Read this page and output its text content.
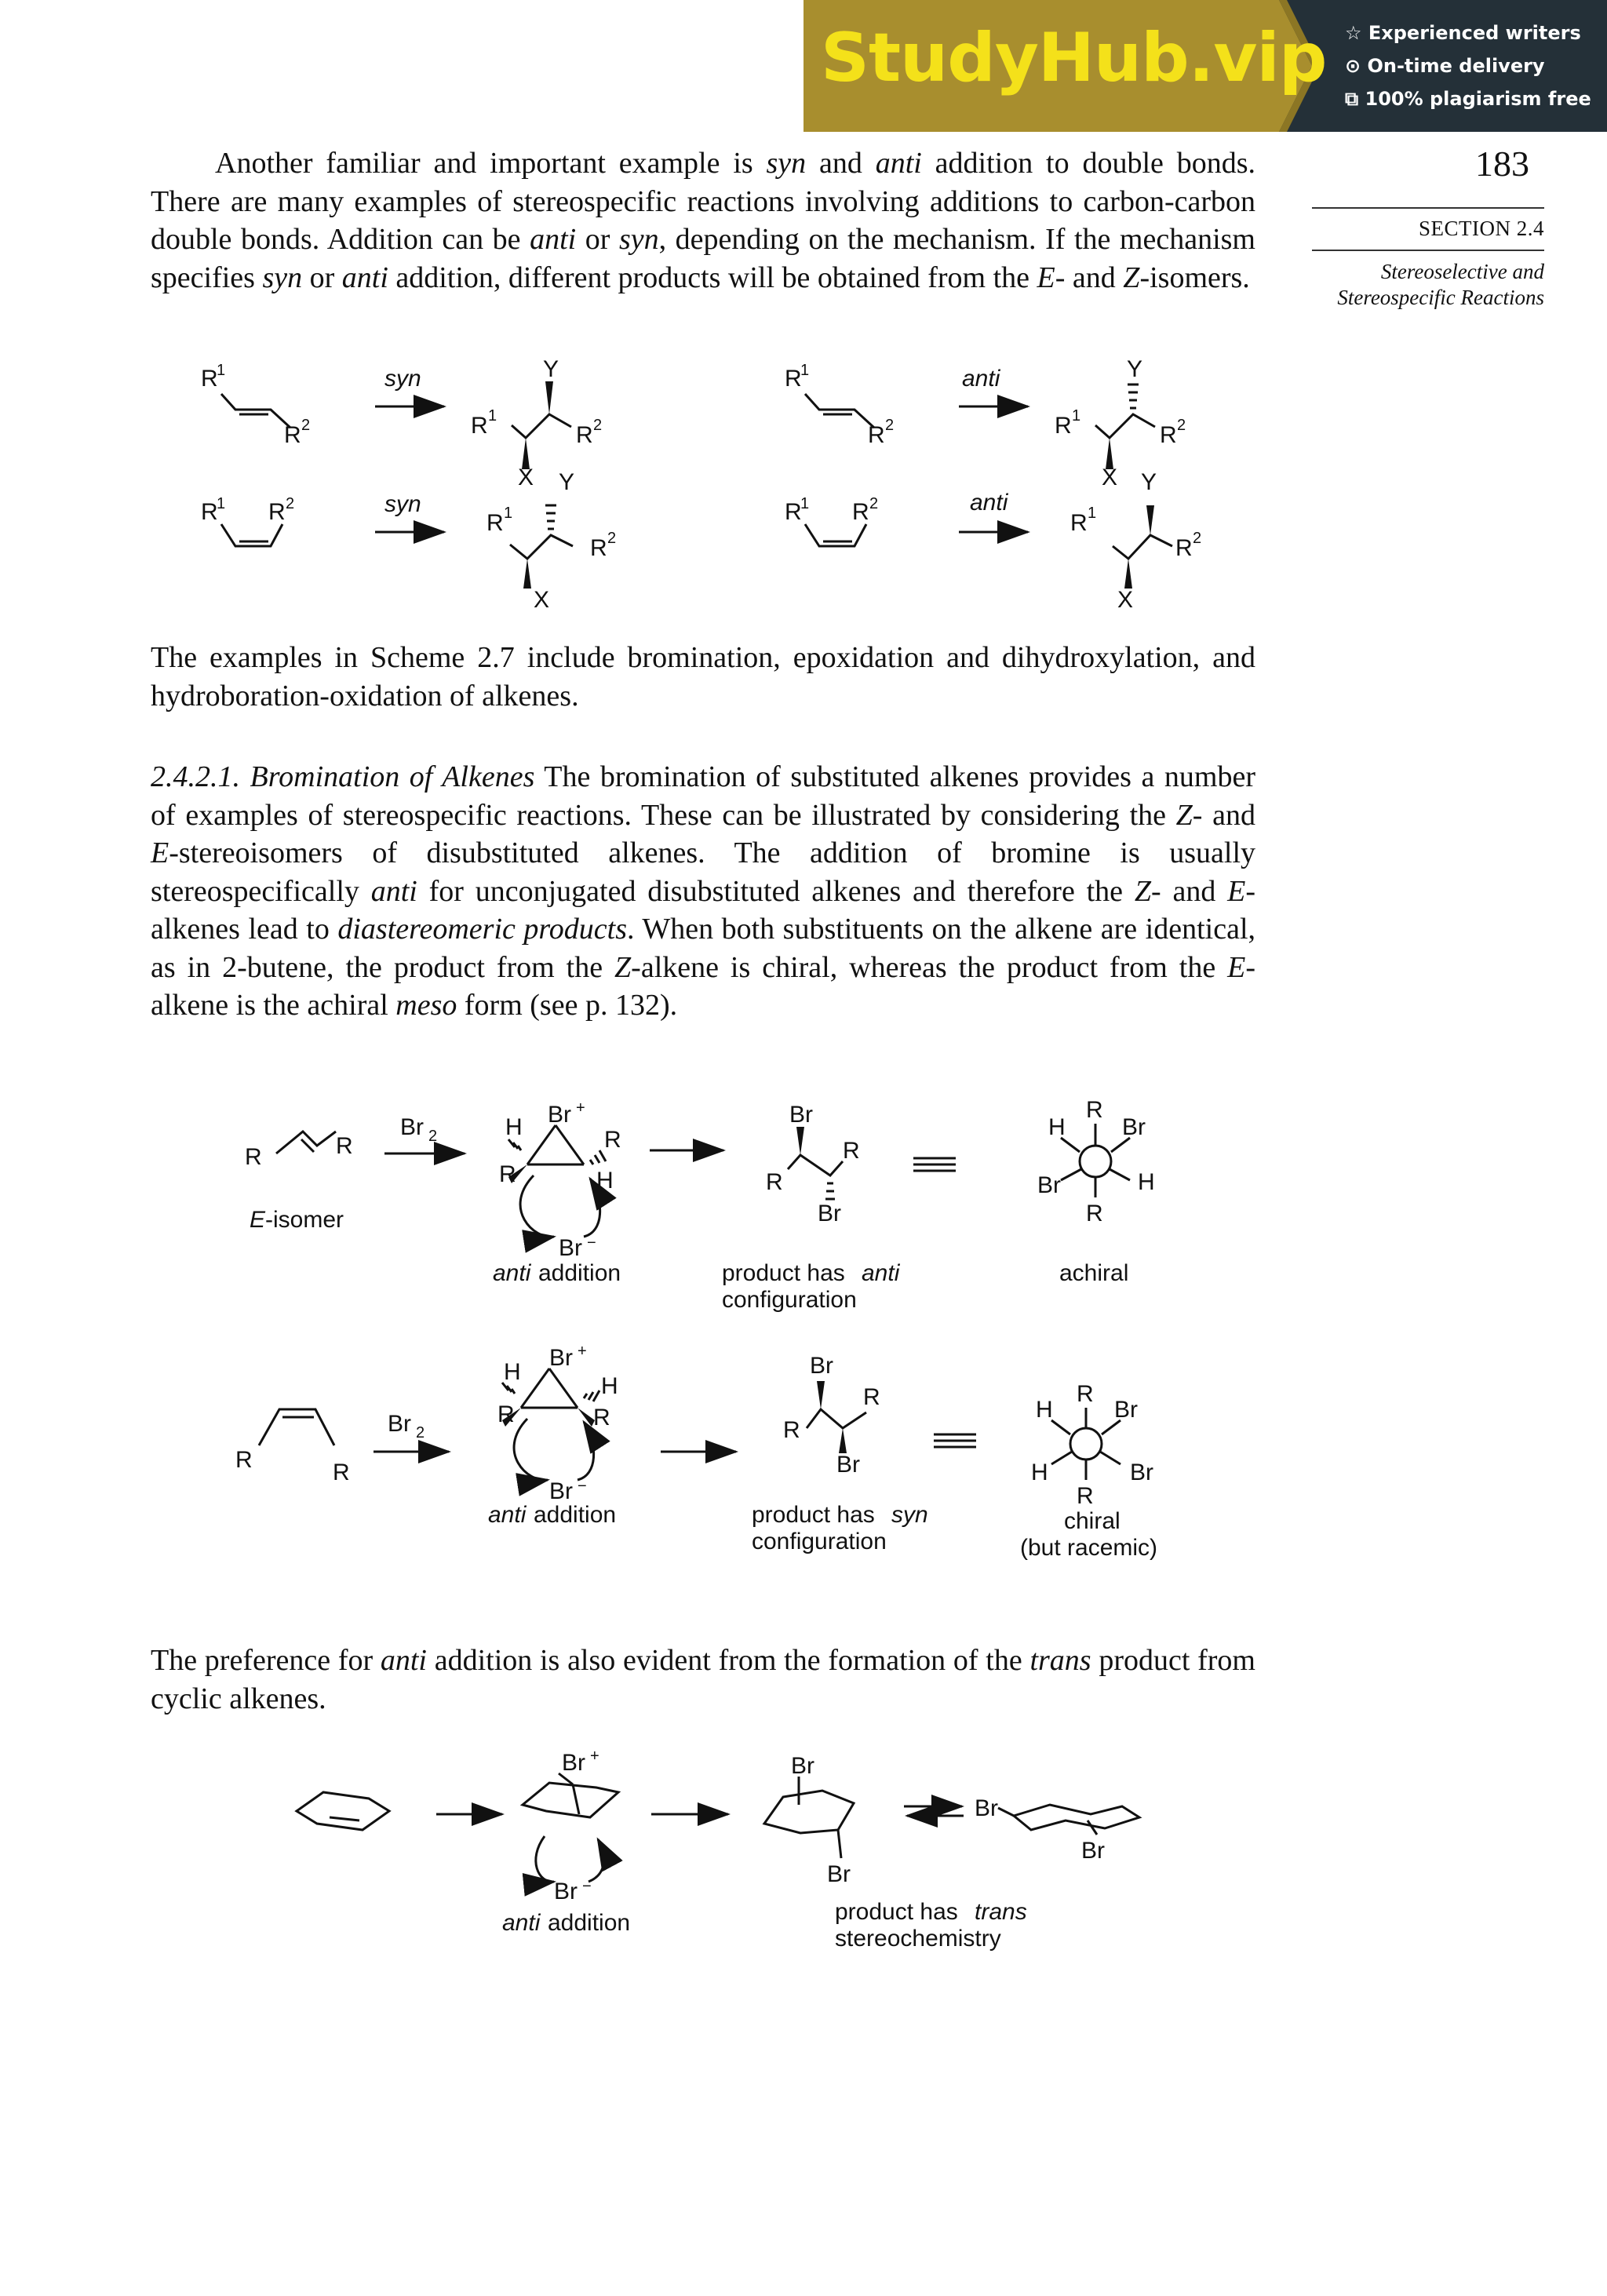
StudyHub.vip ☆ Experienced writers
⊙ On-time delivery
⧉ 100% plagiarism free
183
SECTION 2.4
Stereoselective and
Stereospecific Reactions

Another familiar and important example is syn and anti addition to double bonds. There are many examples of stereospecific reactions involving additions to carbon-carbon double bonds. Addition can be anti or syn, depending on the mechanism. If the mechanism specifies syn or anti addition, different products will be obtained from the E- and Z-isomers.

R
1
R 2
syn	Y
R 1
R 2
X
R
1 R 2	syn
Y
R 1
R 2
X
R
1
R 2
anti	Y
R 1
R 2
X Y
R
1 R 2	anti
R 1
R 2
X

The examples in Scheme 2.7 include bromination, epoxidation and dihydroxylation, and hydroboration-oxidation of alkenes.

2.4.2.1. Bromination of Alkenes The bromination of substituted alkenes provides a number of examples of stereospecific reactions. These can be illustrated by considering the Z- and E-stereoisomers of disubstituted alkenes. The addition of bromine is usually stereospecifically anti for unconjugated disubstituted alkenes and therefore the Z- and E-alkenes lead to diastereomeric products. When both substituents on the alkene are identical, as in 2-butene, the product from the Z-alkene is chiral, whereas the product from the E-alkene is the achiral meso form (see p. 132).

R	R
Br 2	H Br +
R
R	H
Br −
anti addition
E -isomer
Br
R
R
Br
product has anti
configuration
R
H Br
Br	H
R
achiral
R	R
Br 2
H
Br +
H
R	R
Br −
anti addition
Br
R
R
Br
product has syn
configuration
R
H	Br
H	Br
R
chiral
(but racemic)

The preference for anti addition is also evident from the formation of the trans product from cyclic alkenes.

Br +
Br −
anti addition
Br
Br
product has trans
stereochemistry
Br
Br
